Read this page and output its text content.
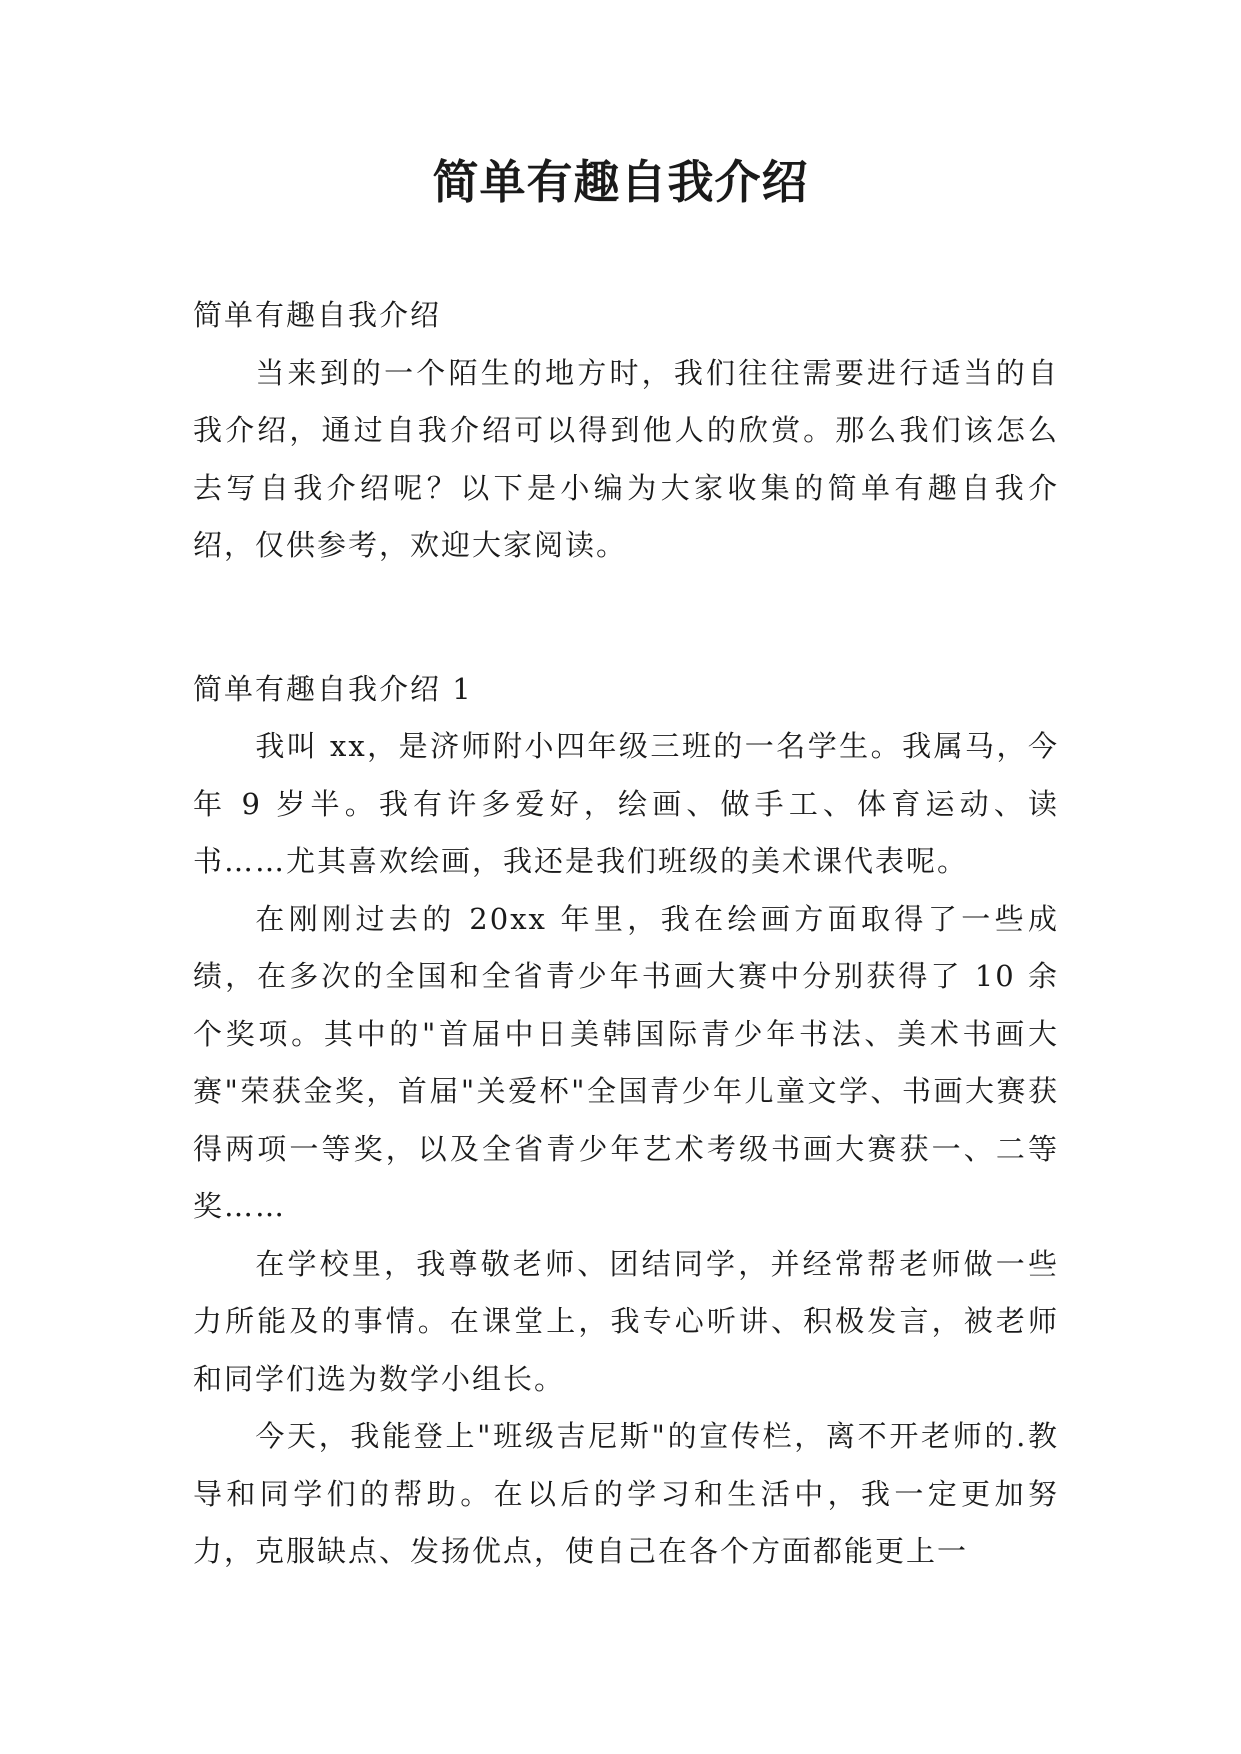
简单有趣自我介绍

简单有趣自我介绍

当来到的一个陌生的地方时，我们往往需要进行适当的自我介绍，通过自我介绍可以得到他人的欣赏。那么我们该怎么去写自我介绍呢？以下是小编为大家收集的简单有趣自我介绍，仅供参考，欢迎大家阅读。

简单有趣自我介绍 1

我叫 xx，是济师附小四年级三班的一名学生。我属马，今年 9 岁半。我有许多爱好，绘画、做手工、体育运动、读书……尤其喜欢绘画，我还是我们班级的美术课代表呢。

在刚刚过去的 20xx 年里，我在绘画方面取得了一些成绩，在多次的全国和全省青少年书画大赛中分别获得了 10 余个奖项。其中的"首届中日美韩国际青少年书法、美术书画大赛"荣获金奖，首届"关爱杯"全国青少年儿童文学、书画大赛获得两项一等奖，以及全省青少年艺术考级书画大赛获一、二等奖……

在学校里，我尊敬老师、团结同学，并经常帮老师做一些力所能及的事情。在课堂上，我专心听讲、积极发言，被老师和同学们选为数学小组长。

今天，我能登上"班级吉尼斯"的宣传栏，离不开老师的.教导和同学们的帮助。在以后的学习和生活中，我一定更加努力，克服缺点、发扬优点，使自己在各个方面都能更上一
